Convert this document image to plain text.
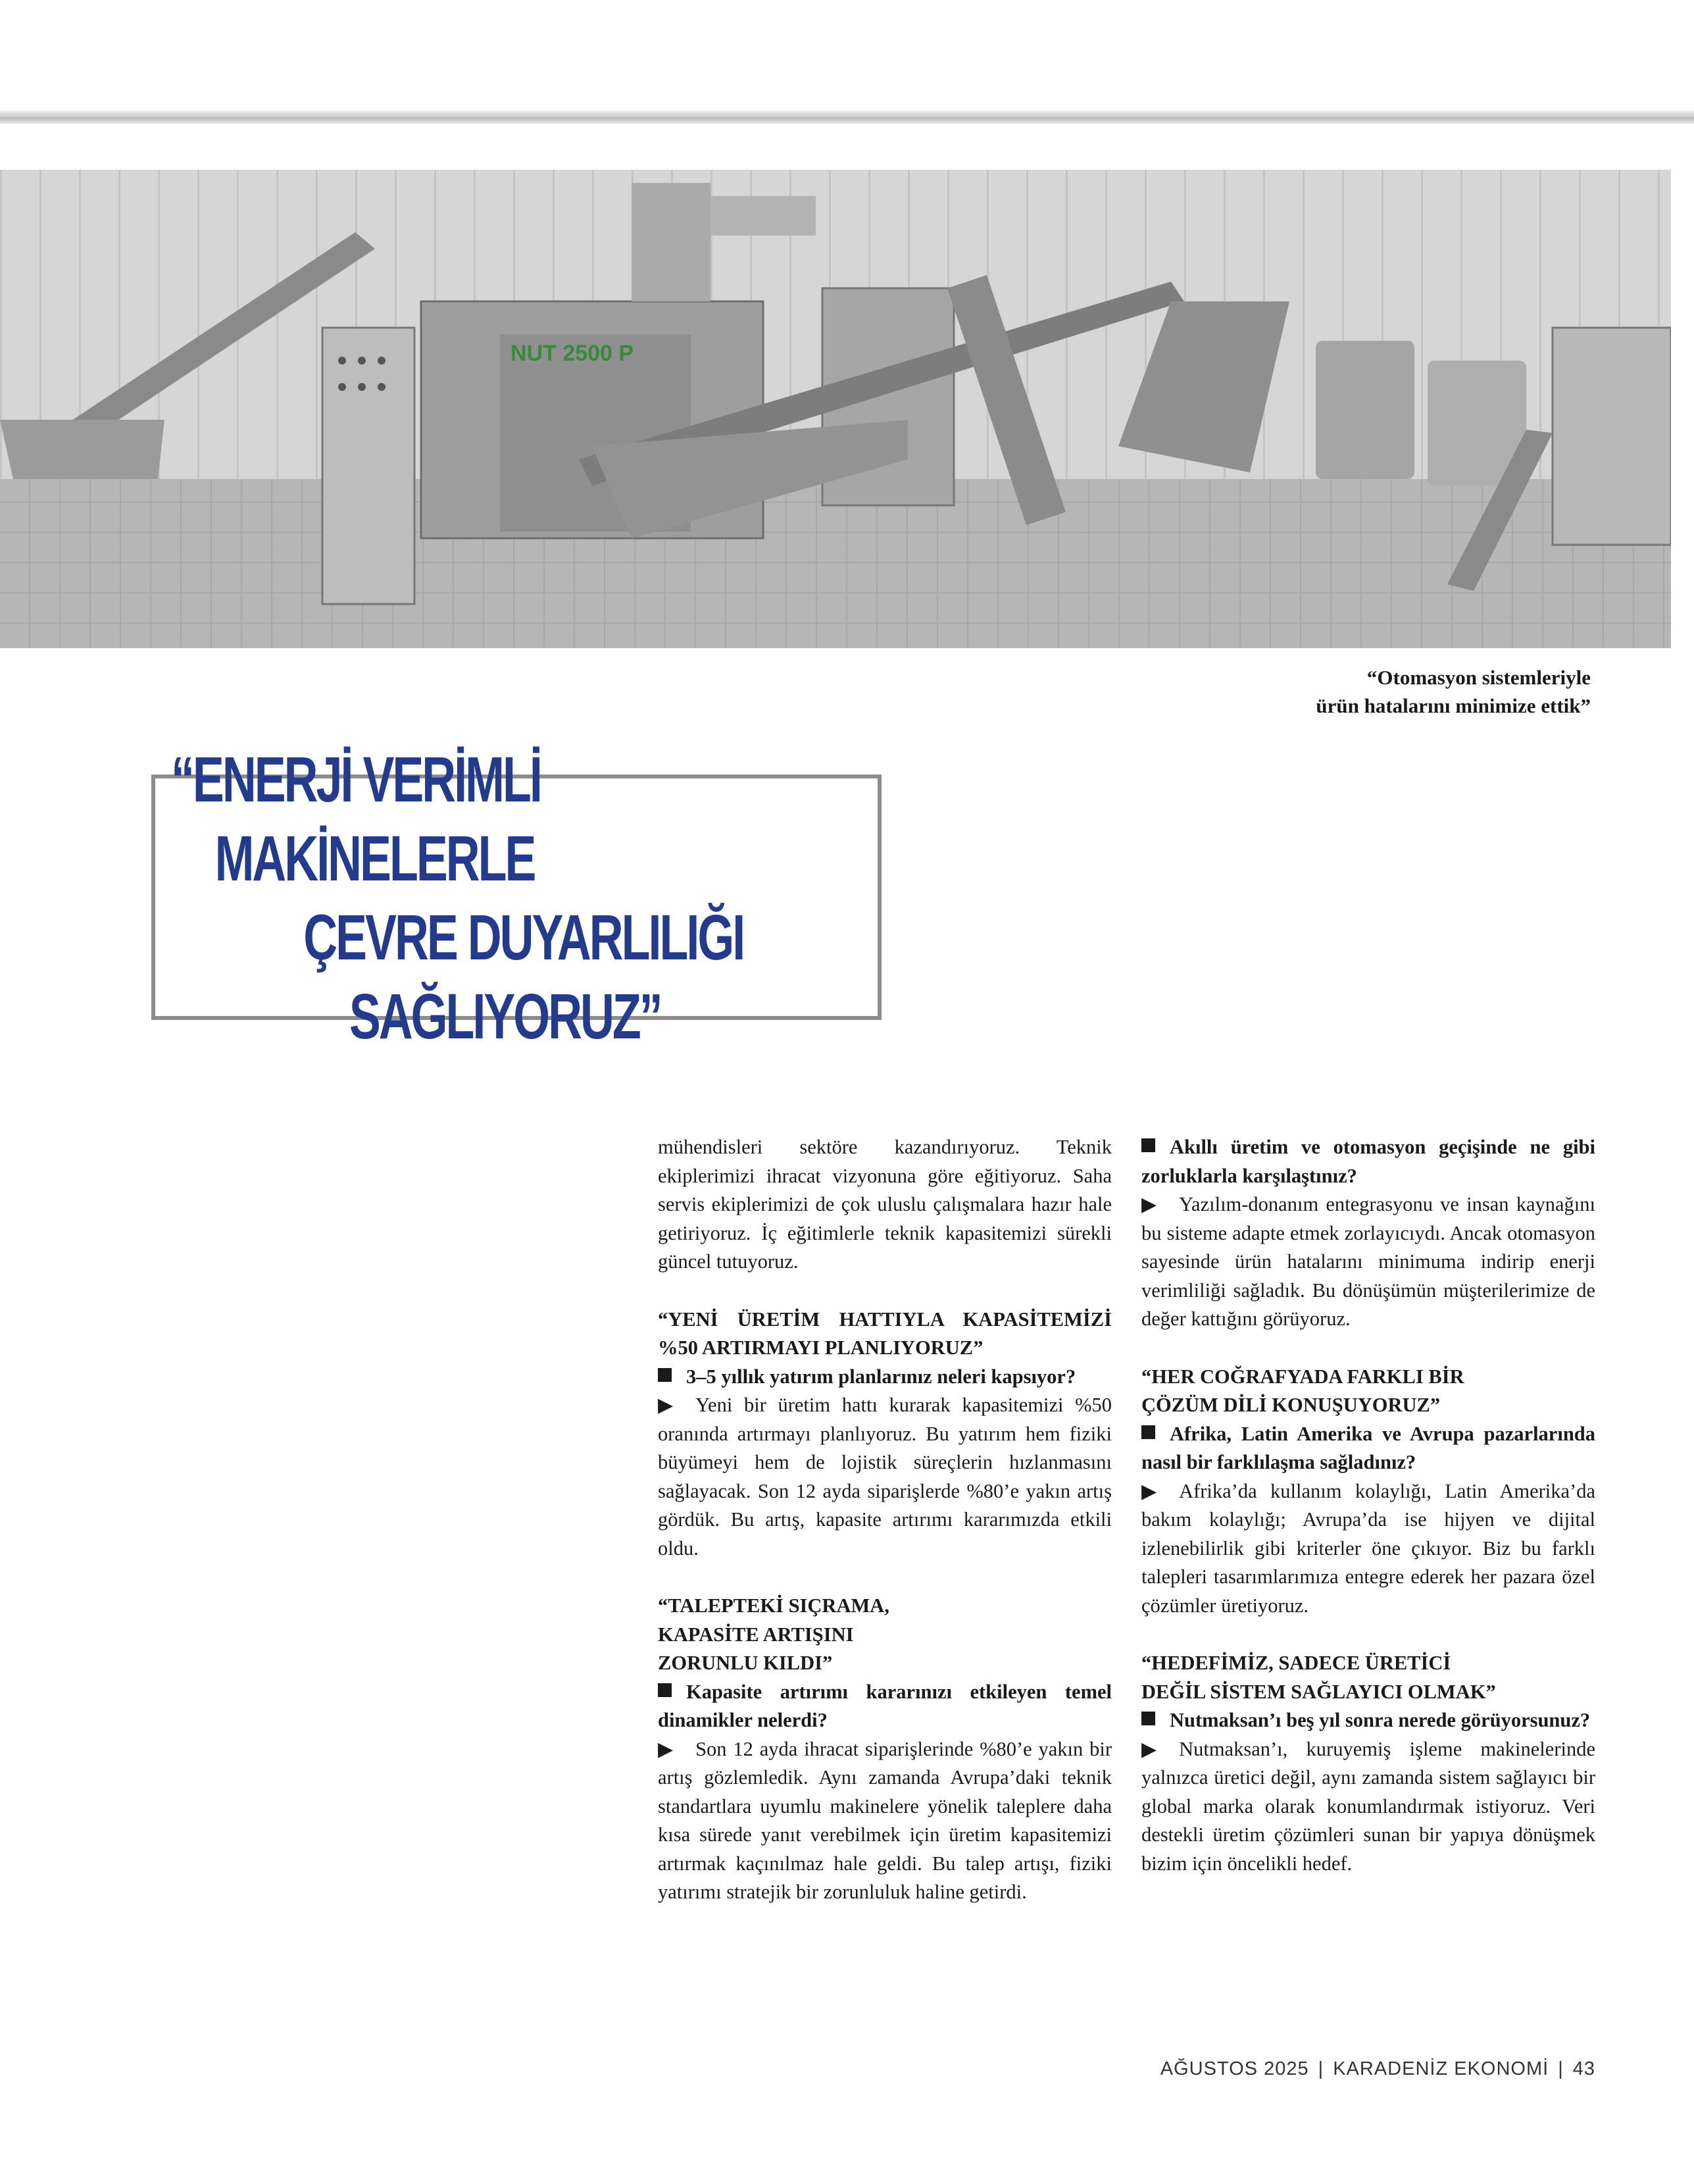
NUT 2500 P
“Otomasyon sistemleriyle
ürün hatalarını minimize ettik”
“ENERJİ VERİMLİ
MAKİNELERLE
ÇEVRE DUYARLILIĞI
SAĞLIYORUZ”

mühendisleri sektöre kazandırıyoruz. Teknik ekiplerimizi ihracat vizyonuna göre eğitiyoruz. Saha servis ekiplerimizi de çok uluslu çalışmalara hazır hale getiriyoruz. İç eğitimlerle teknik kapasitemizi sürekli güncel tutuyoruz.

“YENİ ÜRETİM HATTIYLA KAPASİTEMİZİ %50 ARTIRMAYI PLANLIYORUZ”

3–5 yıllık yatırım planlarınız neleri kapsıyor?

▶ Yeni bir üretim hattı kurarak kapasitemizi %50 oranında artırmayı planlıyoruz. Bu yatırım hem fiziki büyümeyi hem de lojistik süreçlerin hızlanmasını sağlayacak. Son 12 ayda siparişlerde %80’e yakın artış gördük. Bu artış, kapasite artırımı kararımızda etkili oldu.

“TALEPTEKİ SIÇRAMA,
KAPASİTE ARTIŞINI
ZORUNLU KILDI”

Kapasite artırımı kararınızı etkileyen temel dinamikler nelerdi?

▶ Son 12 ayda ihracat siparişlerinde %80’e yakın bir artış gözlemledik. Aynı zamanda Avrupa’daki teknik standartlara uyumlu makinelere yönelik taleplere daha kısa sürede yanıt verebilmek için üretim kapasitemizi artırmak kaçınılmaz hale geldi. Bu talep artışı, fiziki yatırımı stratejik bir zorunluluk haline getirdi.

Akıllı üretim ve otomasyon geçişinde ne gibi zorluklarla karşılaştınız?

▶ Yazılım-donanım entegrasyonu ve insan kaynağını bu sisteme adapte etmek zorlayıcıydı. Ancak otomasyon sayesinde ürün hatalarını minimuma indirip enerji verimliliği sağladık. Bu dönüşümün müşterilerimize de değer kattığını görüyoruz.

“HER COĞRAFYADA FARKLI BİR
ÇÖZÜM DİLİ KONUŞUYORUZ”

Afrika, Latin Amerika ve Avrupa pazarlarında nasıl bir farklılaşma sağladınız?

▶ Afrika’da kullanım kolaylığı, Latin Amerika’da bakım kolaylığı; Avrupa’da ise hijyen ve dijital izlenebilirlik gibi kriterler öne çıkıyor. Biz bu farklı talepleri tasarımlarımıza entegre ederek her pazara özel çözümler üretiyoruz.

“HEDEFİMİZ, SADECE ÜRETİCİ
DEĞİL SİSTEM SAĞLAYICI OLMAK”

Nutmaksan’ı beş yıl sonra nerede görüyorsunuz?

▶ Nutmaksan’ı, kuruyemiş işleme makinelerinde yalnızca üretici değil, aynı zamanda sistem sağlayıcı bir global marka olarak konumlandırmak istiyoruz. Veri destekli üretim çözümleri sunan bir yapıya dönüşmek bizim için öncelikli hedef.

AĞUSTOS 2025 | KARADENİZ EKONOMİ | 43
